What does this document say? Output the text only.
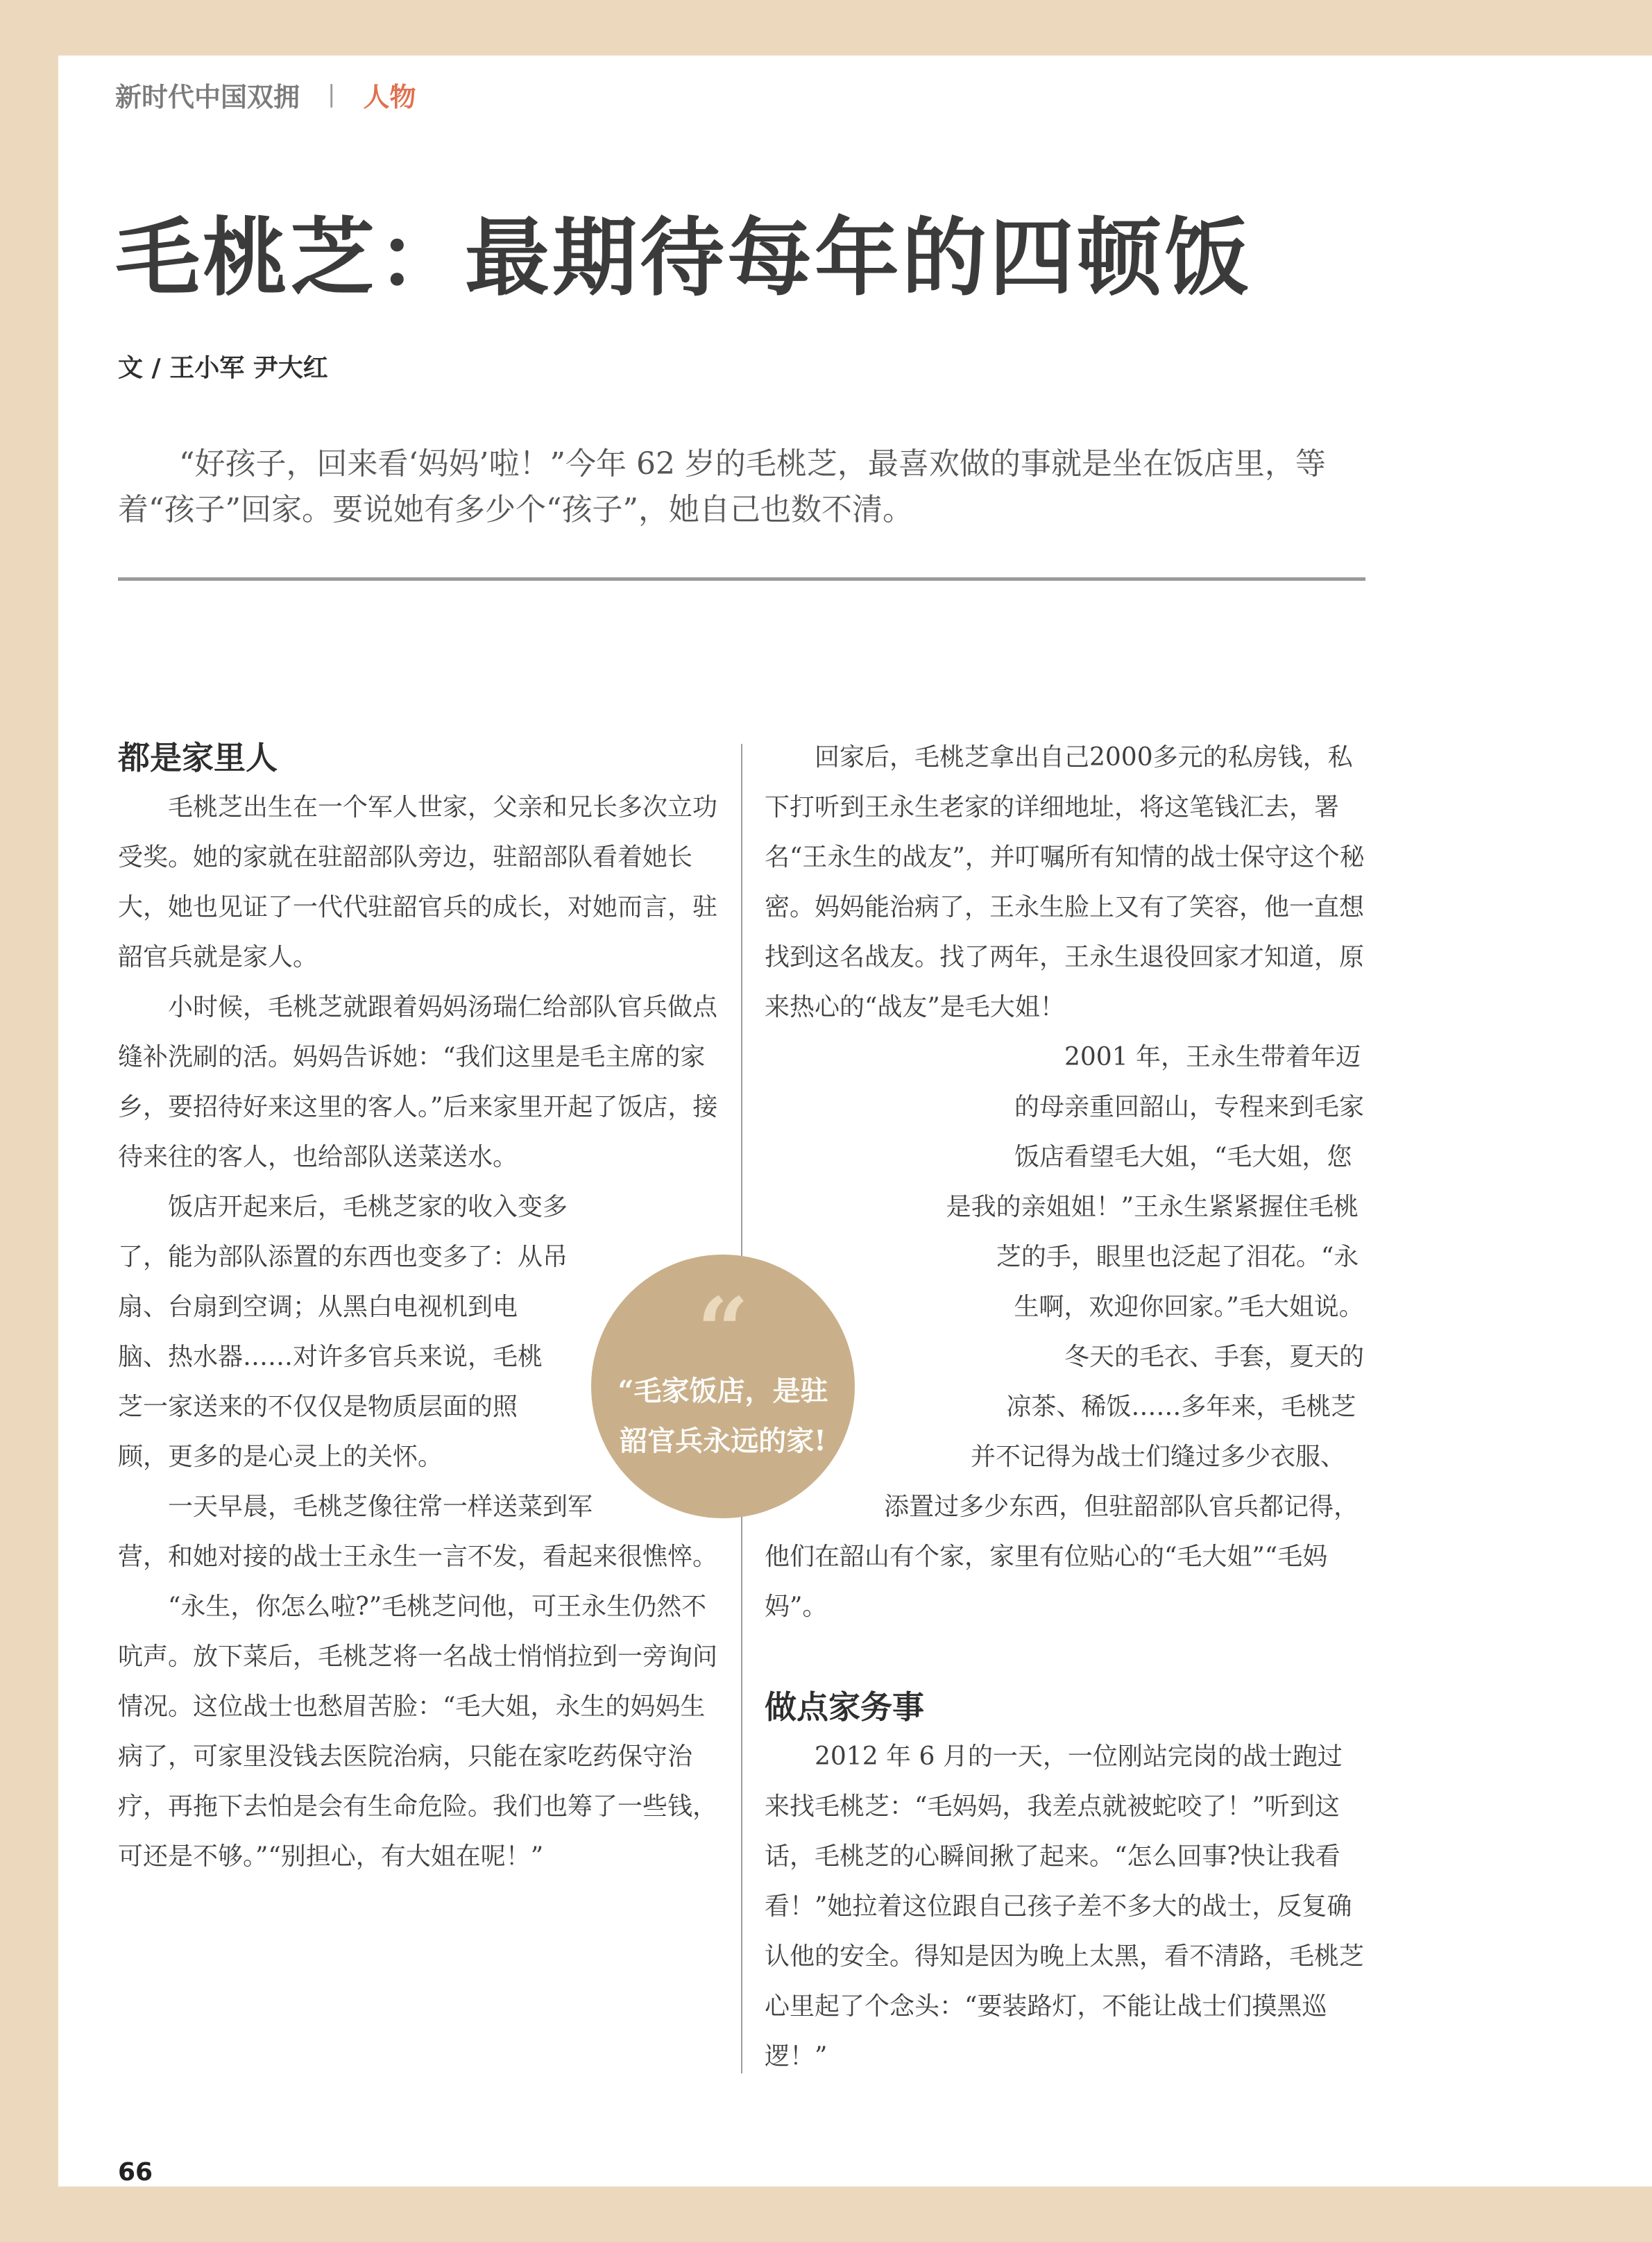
新时代中国双拥 | 人物
毛桃芝：最期待每年的四顿饭
文 / 王小军 尹大红

“好孩子，回来看‘妈妈’啦！”今年 62 岁的毛桃芝，最喜欢做的事就是坐在饭店里，等着“孩子”回家。要说她有多少个“孩子”，她自己也数不清。

都是家里人

毛桃芝出生在一个军人世家，父亲和兄长多次立功受奖。她的家就在驻韶部队旁边，驻韶部队看着她长大，她也见证了一代代驻韶官兵的成长，对她而言，驻韶官兵就是家人。

小时候，毛桃芝就跟着妈妈汤瑞仁给部队官兵做点缝补洗刷的活。妈妈告诉她：“我们这里是毛主席的家乡，要招待好来这里的客人。”后来家里开起了饭店，接待来往的客人，也给部队送菜送水。

饭店开起来后，毛桃芝家的收入变多了，能为部队添置的东西也变多了：从吊扇、台扇到空调；从黑白电视机到电脑、热水器……对许多官兵来说，毛桃芝一家送来的不仅仅是物质层面的照顾，更多的是心灵上的关怀。

一天早晨，毛桃芝像往常一样送菜到军营，和她对接的战士王永生一言不发，看起来很憔悴。

“永生，你怎么啦?”毛桃芝问他，可王永生仍然不吭声。放下菜后，毛桃芝将一名战士悄悄拉到一旁询问情况。这位战士也愁眉苦脸：“毛大姐，永生的妈妈生病了，可家里没钱去医院治病，只能在家吃药保守治疗，再拖下去怕是会有生命危险。我们也筹了一些钱，可还是不够。”“别担心，有大姐在呢！”

回家后，毛桃芝拿出自己2000多元的私房钱，私下打听到王永生老家的详细地址，将这笔钱汇去，署名“王永生的战友”，并叮嘱所有知情的战士保守这个秘密。妈妈能治病了，王永生脸上又有了笑容，他一直想找到这名战友。找了两年，王永生退役回家才知道，原来热心的“战友”是毛大姐！

2001 年，王永生带着年迈的母亲重回韶山，专程来到毛家饭店看望毛大姐，“毛大姐，您是我的亲姐姐！”王永生紧紧握住毛桃芝的手，眼里也泛起了泪花。“永生啊，欢迎你回家。”毛大姐说。

冬天的毛衣、手套，夏天的凉茶、稀饭……多年来，毛桃芝并不记得为战士们缝过多少衣服、添置过多少东西，但驻韶部队官兵都记得，他们在韶山有个家，家里有位贴心的“毛大姐”“毛妈妈”。

做点家务事

2012 年 6 月的一天，一位刚站完岗的战士跑过来找毛桃芝：“毛妈妈，我差点就被蛇咬了！”听到这话，毛桃芝的心瞬间揪了起来。“怎么回事?快让我看看！”她拉着这位跟自己孩子差不多大的战士，反复确认他的安全。得知是因为晚上太黑，看不清路，毛桃芝心里起了个念头：“要装路灯，不能让战士们摸黑巡逻！”

“
“毛家饭店，是驻韶官兵永远的家!
66
